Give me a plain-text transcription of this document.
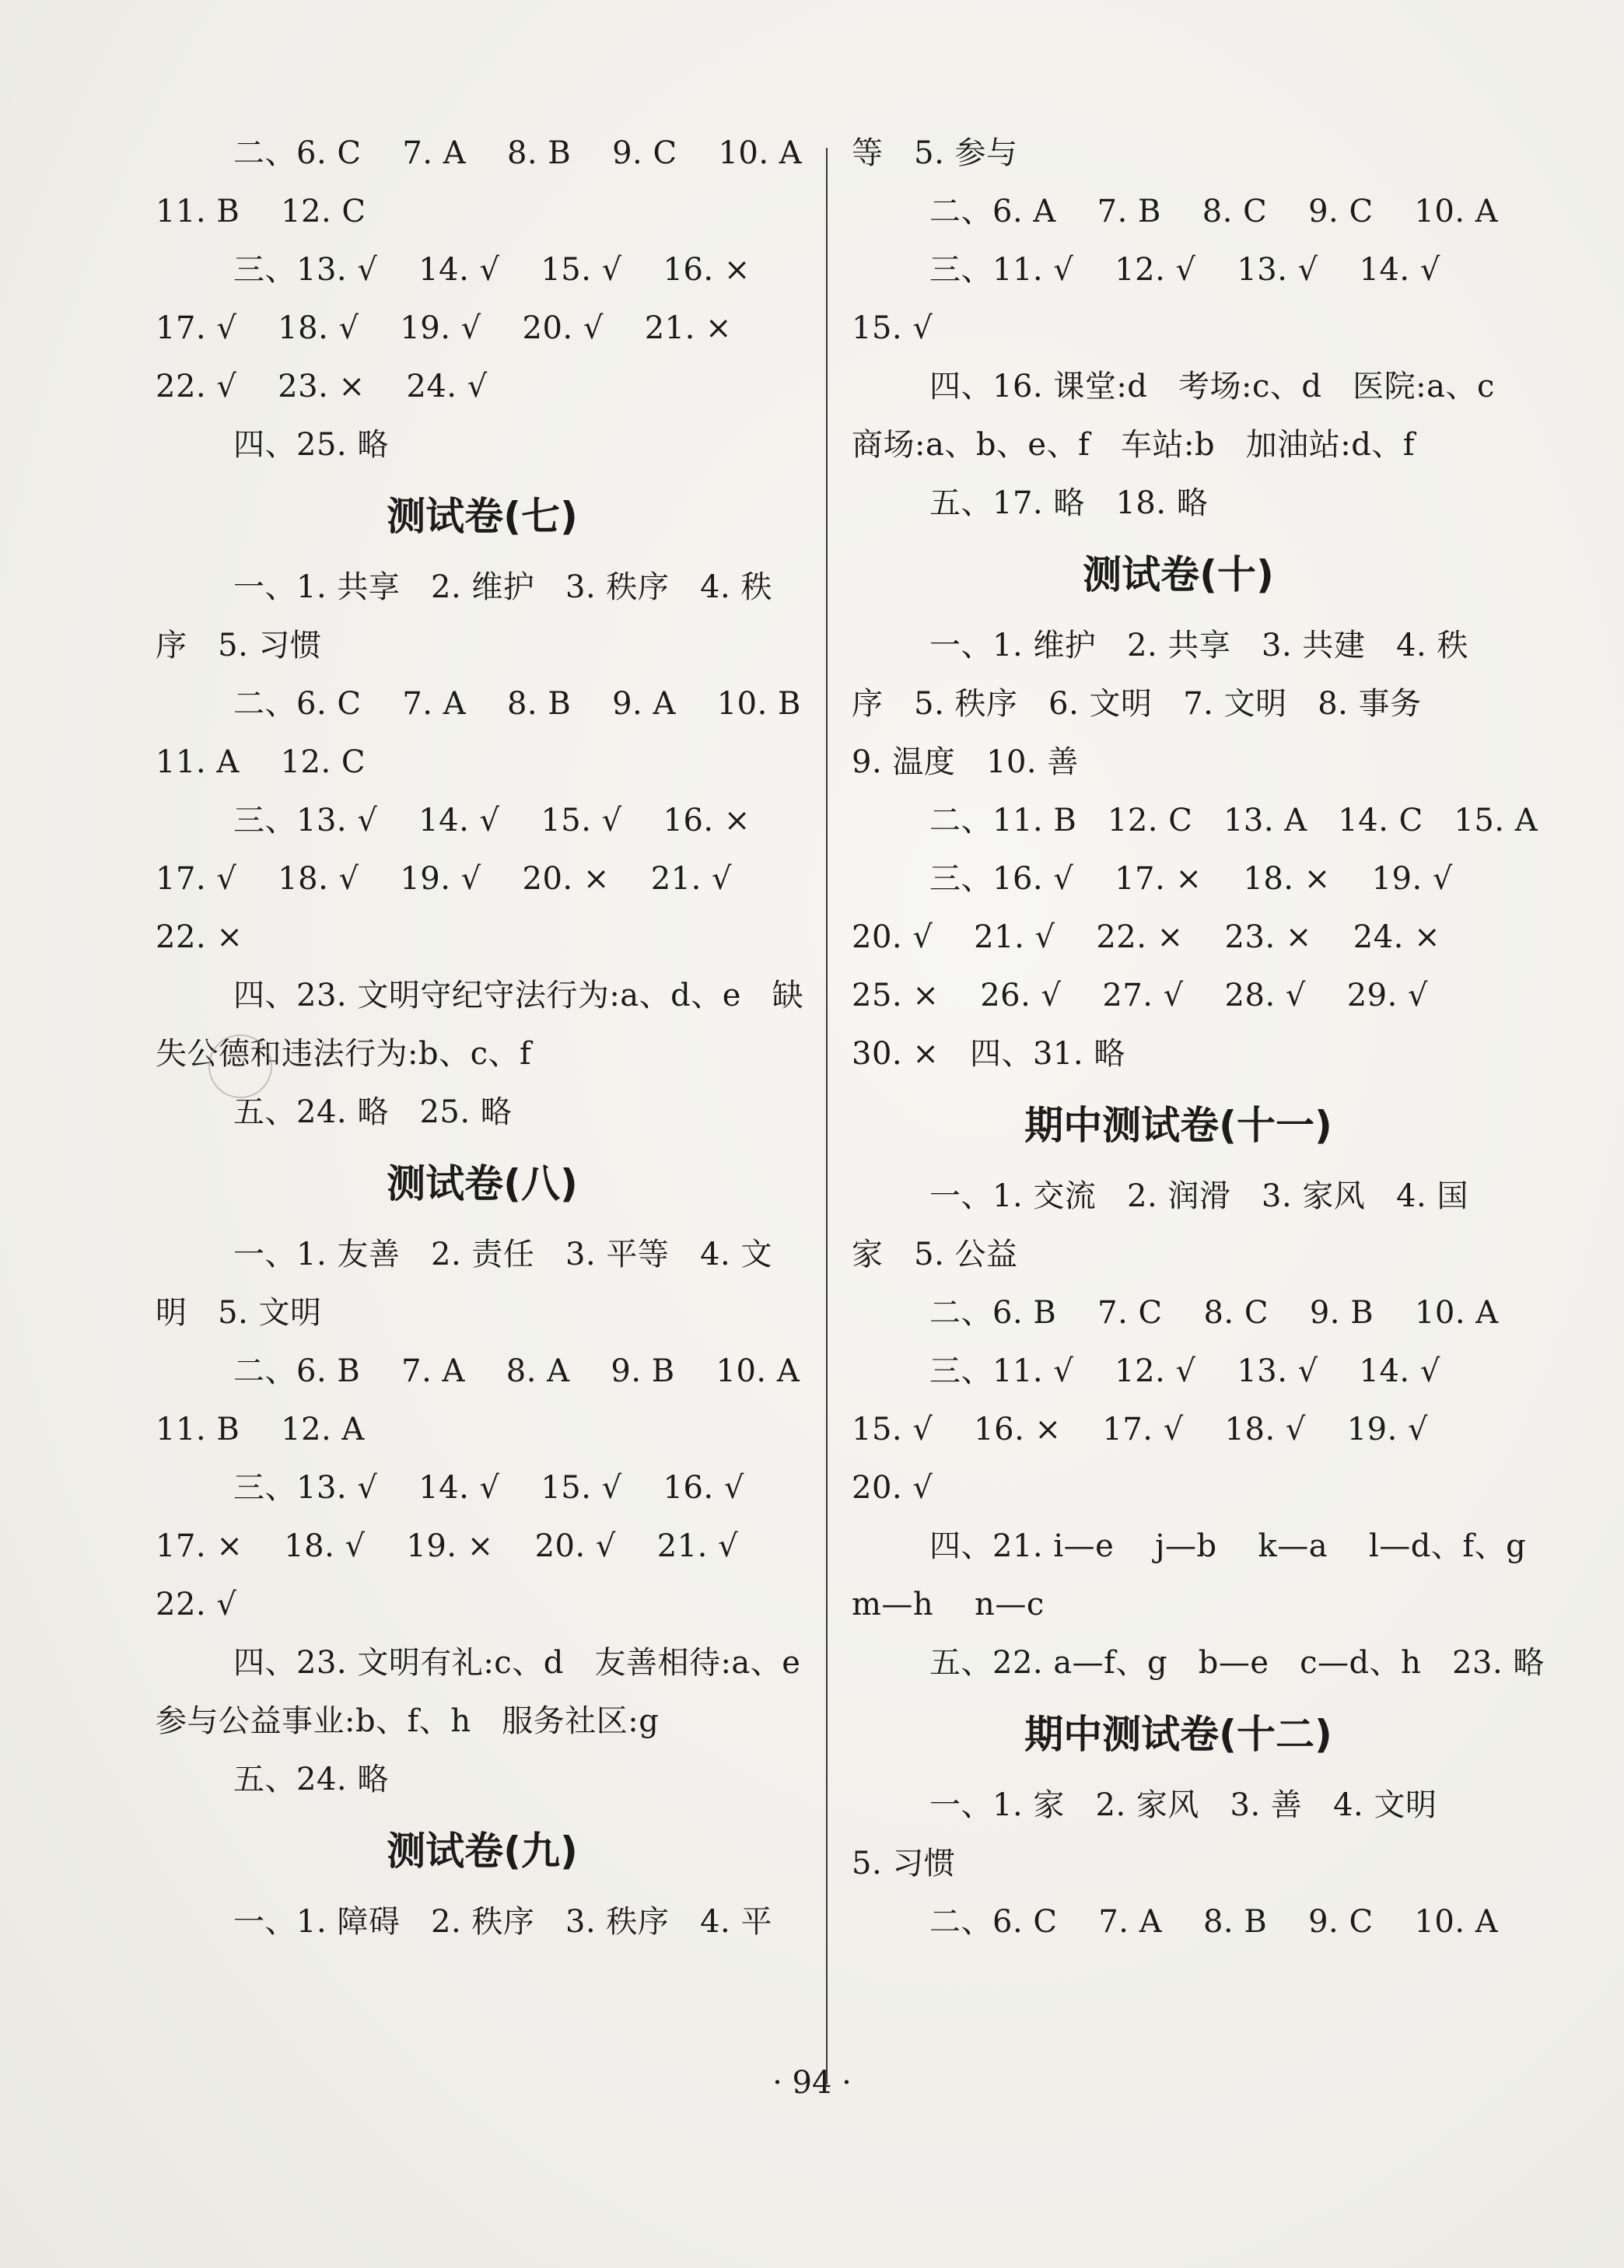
二、6. C    7. A    8. B    9. C    10. A
11. B    12. C
三、13. √    14. √    15. √    16. ×
17. √    18. √    19. √    20. √    21. ×
22. √    23. ×    24. √
四、25. 略
测试卷(七)
一、1. 共享   2. 维护   3. 秩序   4. 秩
序   5. 习惯
二、6. C    7. A    8. B    9. A    10. B
11. A    12. C
三、13. √    14. √    15. √    16. ×
17. √    18. √    19. √    20. ×    21. √
22. ×
四、23. 文明守纪守法行为:a、d、e   缺
失公德和违法行为:b、c、f
五、24. 略   25. 略
测试卷(八)
一、1. 友善   2. 责任   3. 平等   4. 文
明   5. 文明
二、6. B    7. A    8. A    9. B    10. A
11. B    12. A
三、13. √    14. √    15. √    16. √
17. ×    18. √    19. ×    20. √    21. √
22. √
四、23. 文明有礼:c、d   友善相待:a、e
参与公益事业:b、f、h   服务社区:g
五、24. 略
测试卷(九)
一、1. 障碍   2. 秩序   3. 秩序   4. 平
等   5. 参与
二、6. A    7. B    8. C    9. C    10. A
三、11. √    12. √    13. √    14. √
15. √
四、16. 课堂:d   考场:c、d   医院:a、c
商场:a、b、e、f   车站:b   加油站:d、f
五、17. 略   18. 略
测试卷(十)
一、1. 维护   2. 共享   3. 共建   4. 秩
序   5. 秩序   6. 文明   7. 文明   8. 事务
9. 温度   10. 善
二、11. B   12. C   13. A   14. C   15. A
三、16. √    17. ×    18. ×    19. √
20. √    21. √    22. ×    23. ×    24. ×
25. ×    26. √    27. √    28. √    29. √
30. ×   四、31. 略
期中测试卷(十一)
一、1. 交流   2. 润滑   3. 家风   4. 国
家   5. 公益
二、6. B    7. C    8. C    9. B    10. A
三、11. √    12. √    13. √    14. √
15. √    16. ×    17. √    18. √    19. √
20. √
四、21. i—e    j—b    k—a    l—d、f、g
m—h    n—c
五、22. a—f、g   b—e   c—d、h   23. 略
期中测试卷(十二)
一、1. 家   2. 家风   3. 善   4. 文明
5. 习惯
二、6. C    7. A    8. B    9. C    10. A
· 94 ·
